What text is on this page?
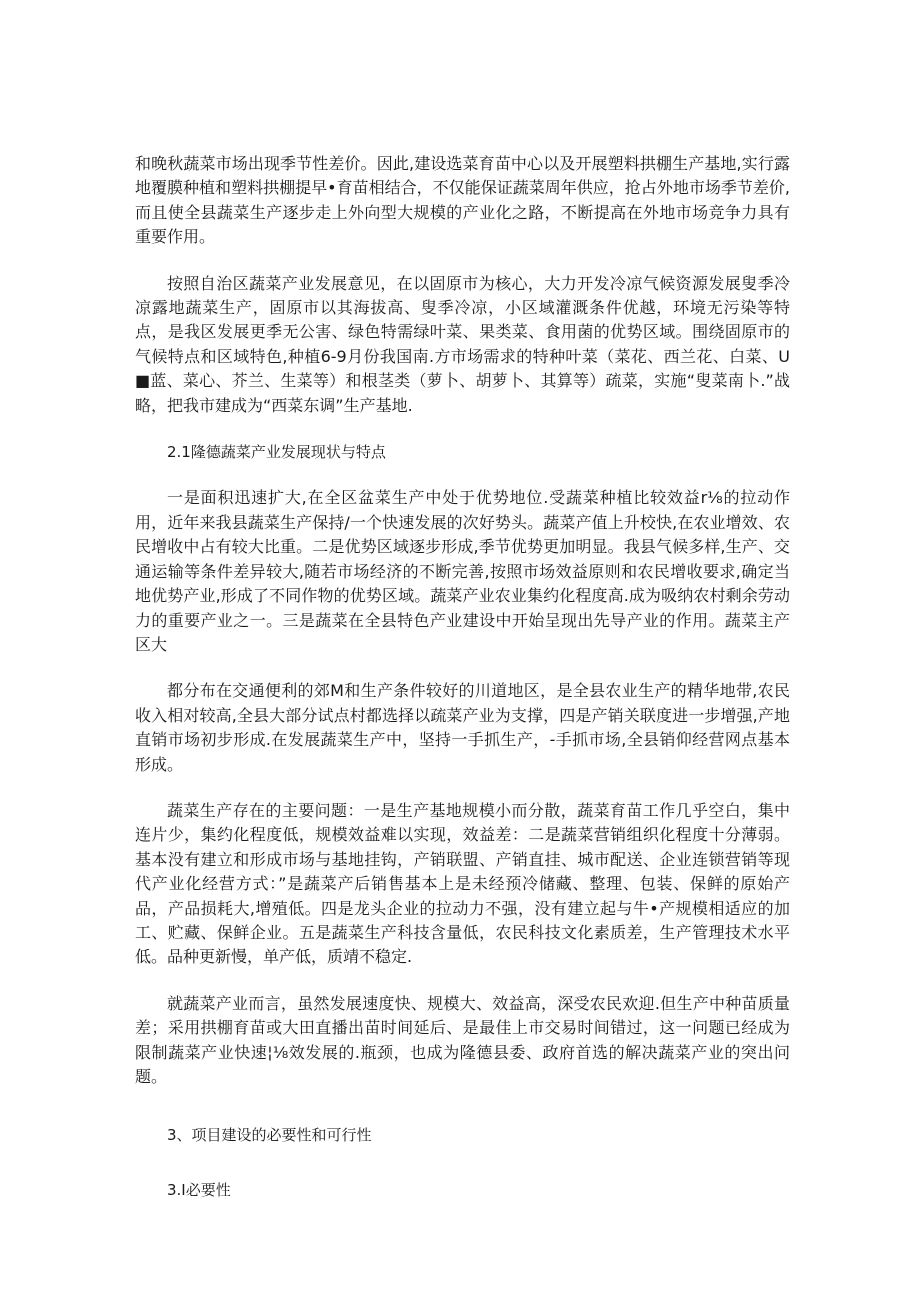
和晚秋蔬菜市场出现季节性差价。因此,建设选菜育苗中心以及开展塑料拱棚生产基地,实行露地覆膜种植和塑料拱棚提早•育苗相结合，不仅能保证蔬菜周年供应，抢占外地市场季节差价,而且使全县蔬菜生产逐步走上外向型大规模的产业化之路，不断提高在外地市场竞争力具有重要作用。

按照自治区蔬菜产业发展意见，在以固原市为核心，大力开发冷凉气候资源发展叟季冷凉露地蔬菜生产，固原市以其海拔高、叟季冷凉，小区域灌溉条件优越，环境无污染等特点，是我区发展更季无公害、绿色特需绿叶菜、果类菜、食用菌的优势区域。围绕固原市的气候特点和区域特色,种植6-9月份我国南.方市场需求的特种叶菜（菜花、西兰花、白菜、U■蓝、菜心、芥兰、生菜等）和根茎类（萝卜、胡萝卜、其算等）疏菜，实施“叟菜南卜.”战略，把我市建成为“西菜东调”生产基地.

2.1隆德蔬菜产业发展现状与特点

一是面积迅速扩大,在全区盆菜生产中处于优势地位.受蔬菜种植比较效益r⅛的拉动作用，近年来我县蔬菜生产保持/一个快速发展的次好势头。蔬菜产值上升校快,在农业增效、农民增收中占有较大比重。二是优势区域逐步形成,季节优势更加明显。我县气候多样,生产、交通运输等条件差异较大,随若市场经济的不断完善,按照市场效益原则和农民增收要求,确定当地优势产业,形成了不同作物的优势区域。蔬菜产业农业集约化程度高.成为吸纳农村剩余劳动力的重要产业之一。三是蔬菜在全县特色产业建设中开始呈现出先导产业的作用。蔬菜主产区大

都分布在交通便利的郊M和生产条件较好的川道地区，是全县农业生产的精华地带,农民收入相对较高,全县大部分试点村都选择以疏菜产业为支撑，四是产销关联度进一步增强,产地直销市场初步形成.在发展蔬菜生产中，坚持一手抓生产，-手抓市场,全县销仰经营网点基本形成。

蔬菜生产存在的主要问题：一是生产基地规模小而分散，蔬菜育苗工作几乎空白，集中连片少，集约化程度低，规模效益难以实现，效益差：二是蔬菜营销组织化程度十分薄弱。基本没有建立和形成市场与基地挂钩，产销联盟、产销直挂、城市配送、企业连锁营销等现代产业化经营方式：”是蔬菜产后销售基本上是未经预冷储藏、整理、包装、保鲜的原始产品，产品损耗大,增殖低。四是龙头企业的拉动力不强，没有建立起与牛•产规模相适应的加工、贮藏、保鲜企业。五是蔬菜生产科技含量低，农民科技文化素质差，生产管理技术水平低。品种更新慢，单产低，质靖不稳定.

就蔬菜产业而言，虽然发展速度快、规模大、效益高，深受农民欢迎.但生产中种苗质量差；采用拱棚育苗或大田直播出苗时间延后、是最佳上市交易时间错过，这一问题已经成为限制蔬菜产业快速¦⅛效发展的.瓶颈，也成为隆德县委、政府首选的解决蔬菜产业的突出问题。

3、项目建设的必要性和可行性

3.I必要性
